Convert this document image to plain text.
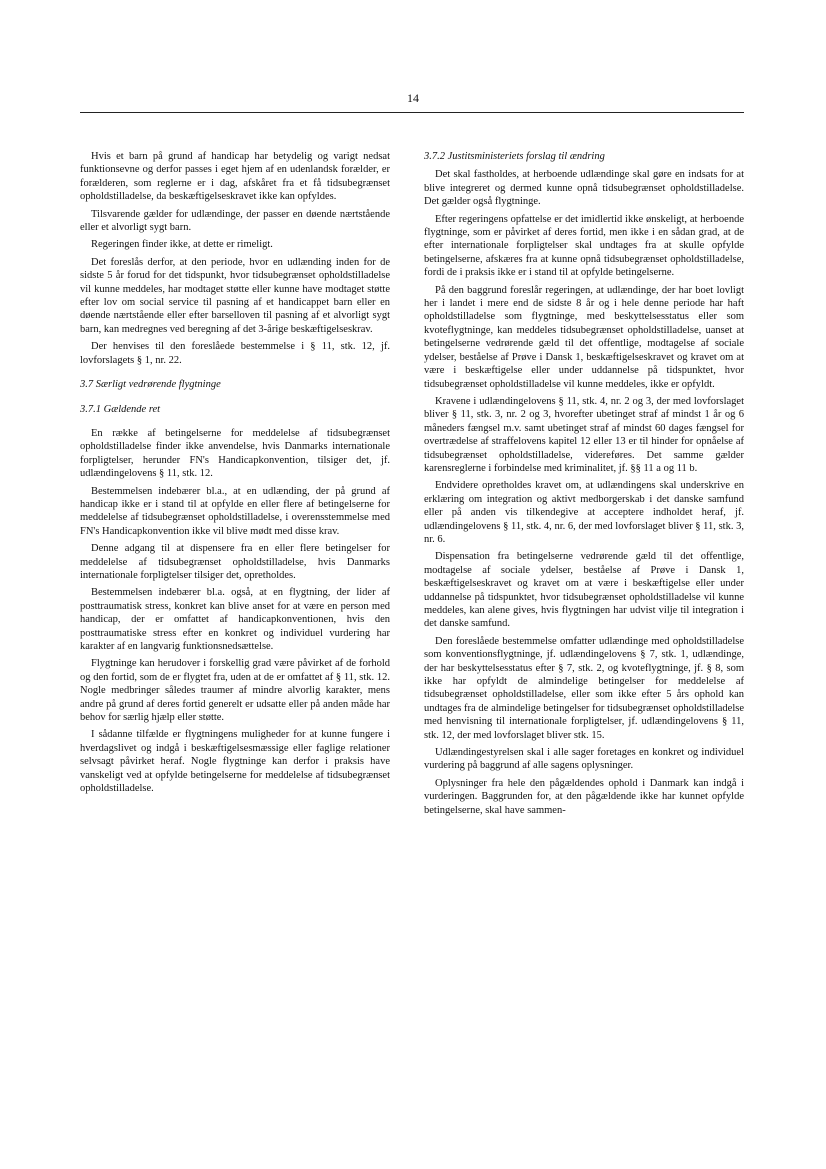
14

Hvis et barn på grund af handicap har betydelig og varigt nedsat funktionsevne og derfor passes i eget hjem af en udenlandsk forælder, er forælderen, som reglerne er i dag, afskåret fra et få tidsubegrænset opholdstilladelse, da beskæftigelseskravet ikke kan opfyldes.

Tilsvarende gælder for udlændinge, der passer en døende nærtstående eller et alvorligt sygt barn.

Regeringen finder ikke, at dette er rimeligt.

Det foreslås derfor, at den periode, hvor en udlænding inden for de sidste 5 år forud for det tidspunkt, hvor tidsubegrænset opholdstilladelse vil kunne meddeles, har modtaget støtte eller kunne have modtaget støtte efter lov om social service til pasning af et handicappet barn eller en døende nærtstående eller efter barselloven til pasning af et alvorligt sygt barn, kan medregnes ved beregning af det 3-årige beskæftigelseskrav.

Der henvises til den foreslåede bestemmelse i § 11, stk. 12, jf. lovforslagets § 1, nr. 22.

3.7 Særligt vedrørende flygtninge
3.7.1 Gældende ret

En række af betingelserne for meddelelse af tidsubegrænset opholdstilladelse finder ikke anvendelse, hvis Danmarks internationale forpligtelser, herunder FN's Handicapkonvention, tilsiger det, jf. udlændingelovens § 11, stk. 12.

Bestemmelsen indebærer bl.a., at en udlænding, der på grund af handicap ikke er i stand til at opfylde en eller flere af betingelserne for meddelelse af tidsubegrænset opholdstilladelse, i overensstemmelse med FN's Handicapkonvention ikke vil blive mødt med disse krav.

Denne adgang til at dispensere fra en eller flere betingelser for meddelelse af tidsubegrænset opholdstilladelse, hvis Danmarks internationale forpligtelser tilsiger det, opretholdes.

Bestemmelsen indebærer bl.a. også, at en flygtning, der lider af posttraumatisk stress, konkret kan blive anset for at være en person med handicap, der er omfattet af handicapkonventionen, hvis den posttraumatiske stress efter en konkret og individuel vurdering har karakter af en langvarig funktionsnedsættelse.

Flygtninge kan herudover i forskellig grad være påvirket af de forhold og den fortid, som de er flygtet fra, uden at de er omfattet af § 11, stk. 12. Nogle medbringer således traumer af mindre alvorlig karakter, mens andre på grund af deres fortid generelt er udsatte eller på anden måde har behov for særlig hjælp eller støtte.

I sådanne tilfælde er flygtningens muligheder for at kunne fungere i hverdagslivet og indgå i beskæftigelsesmæssige eller faglige relationer selvsagt påvirket heraf. Nogle flygtninge kan derfor i praksis have vanskeligt ved at opfylde betingelserne for meddelelse af tidsubegrænset opholdstilladelse.

3.7.2 Justitsministeriets forslag til ændring

Det skal fastholdes, at herboende udlændinge skal gøre en indsats for at blive integreret og dermed kunne opnå tidsubegrænset opholdstilladelse. Det gælder også flygtninge.

Efter regeringens opfattelse er det imidlertid ikke ønskeligt, at herboende flygtninge, som er påvirket af deres fortid, men ikke i en sådan grad, at de efter internationale forpligtelser skal undtages fra at skulle opfylde betingelserne, afskæres fra at kunne opnå tidsubegrænset opholdstilladelse, fordi de i praksis ikke er i stand til at opfylde betingelserne.

På den baggrund foreslår regeringen, at udlændinge, der har boet lovligt her i landet i mere end de sidste 8 år og i hele denne periode har haft opholdstilladelse som flygtninge, med beskyttelsesstatus eller som kvoteflygtninge, kan meddeles tidsubegrænset opholdstilladelse, uanset at betingelserne vedrørende gæld til det offentlige, modtagelse af sociale ydelser, beståelse af Prøve i Dansk 1, beskæftigelseskravet og kravet om at være i beskæftigelse eller under uddannelse på tidspunktet, hvor tidsubegrænset opholdstilladelse vil kunne meddeles, ikke er opfyldt.

Kravene i udlændingelovens § 11, stk. 4, nr. 2 og 3, der med lovforslaget bliver § 11, stk. 3, nr. 2 og 3, hvorefter ubetinget straf af mindst 1 år og 6 måneders fængsel m.v. samt ubetinget straf af mindst 60 dages fængsel for overtrædelse af straffelovens kapitel 12 eller 13 er til hinder for opnåelse af tidsubegrænset opholdstilladelse, videreføres. Det samme gælder karensreglerne i forbindelse med kriminalitet, jf. §§ 11 a og 11 b.

Endvidere opretholdes kravet om, at udlændingens skal underskrive en erklæring om integration og aktivt medborgerskab i det danske samfund eller på anden vis tilkendegive at acceptere indholdet heraf, jf. udlændingelovens § 11, stk. 4, nr. 6, der med lovforslaget bliver § 11, stk. 3, nr. 6.

Dispensation fra betingelserne vedrørende gæld til det offentlige, modtagelse af sociale ydelser, beståelse af Prøve i Dansk 1, beskæftigelseskravet og kravet om at være i beskæftigelse eller under uddannelse på tidspunktet, hvor tidsubegrænset opholdstilladelse vil kunne meddeles, kan alene gives, hvis flygtningen har udvist vilje til integration i det danske samfund.

Den foreslåede bestemmelse omfatter udlændinge med opholdstilladelse som konventionsflygtninge, jf. udlændingelovens § 7, stk. 1, udlændinge, der har beskyttelsesstatus efter § 7, stk. 2, og kvoteflygtninge, jf. § 8, som ikke har opfyldt de almindelige betingelser for meddelelse af tidsubegrænset opholdstilladelse, eller som ikke efter 5 års ophold kan undtages fra de almindelige betingelser for tidsubegrænset opholdstilladelse med henvisning til internationale forpligtelser, jf. udlændingelovens § 11, stk. 12, der med lovforslaget bliver stk. 15.

Udlændingestyrelsen skal i alle sager foretages en konkret og individuel vurdering på baggrund af alle sagens oplysninger.

Oplysninger fra hele den pågældendes ophold i Danmark kan indgå i vurderingen. Baggrunden for, at den pågældende ikke har kunnet opfylde betingelserne, skal have sammen-
